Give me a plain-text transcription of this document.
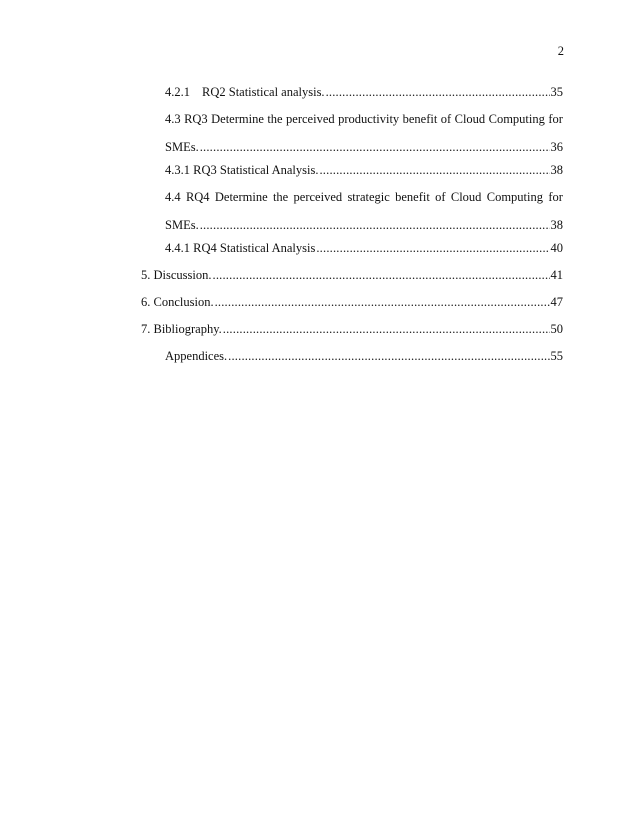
2
4.2.1 RQ2 Statistical analysis. .....	35
4.3 RQ3 Determine the perceived productivity benefit of Cloud Computing for
SMEs. .....	36
4.3.1 RQ3 Statistical Analysis. .....	38
4.4 RQ4 Determine the perceived strategic benefit of Cloud Computing for
SMEs. .....	38
4.4.1 RQ4 Statistical Analysis .....	40
5. Discussion. .....	41
6. Conclusion. .....	47
7. Bibliography. .....	50
Appendices. .....	55
